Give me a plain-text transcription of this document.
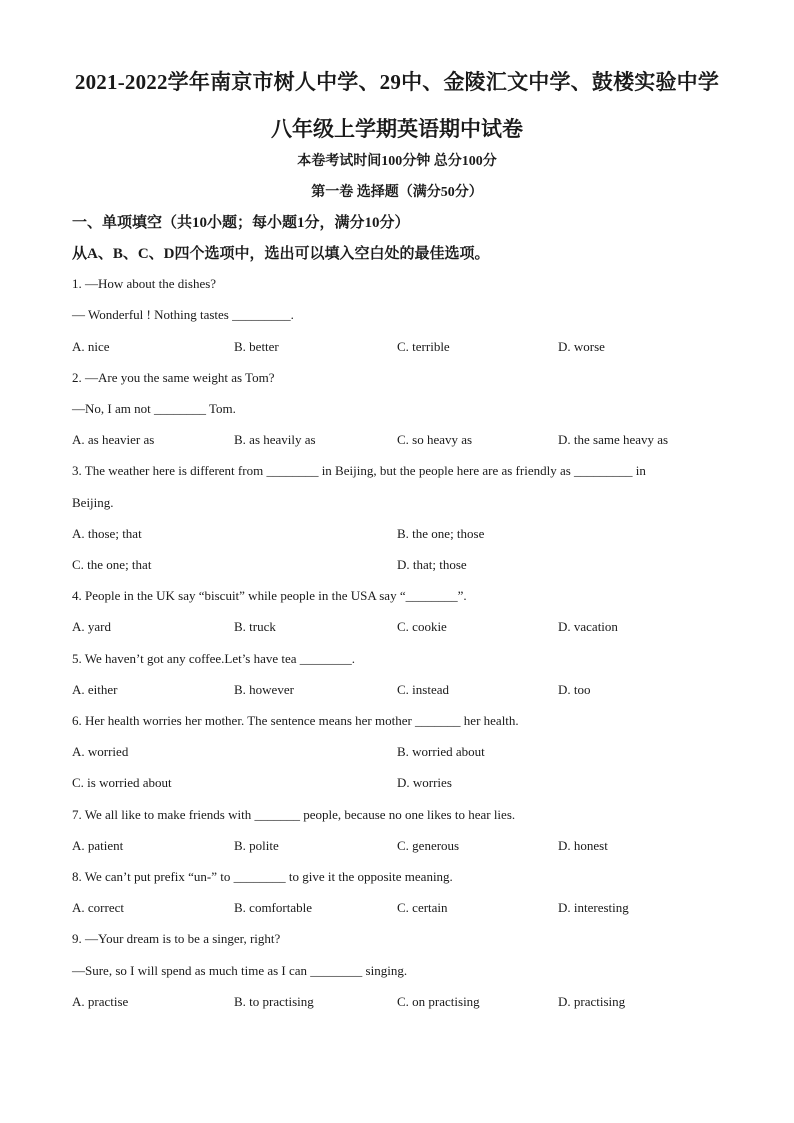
2021-2022学年南京市树人中学、29中、金陵汇文中学、鼓楼实验中学
八年级上学期英语期中试卷
本卷考试时间100分钟 总分100分
第一卷 选择题（满分50分）
一、单项填空（共10小题；每小题1分，满分10分）
从A、B、C、D四个选项中，选出可以填入空白处的最佳选项。
1. —How about the dishes?
— Wonderful ! Nothing tastes _________.
A. nice	B. better	C. terrible	D. worse
2. —Are you the same weight as Tom?
—No, I am not ________ Tom.
A. as heavier as	B. as heavily as	C. so heavy as	D. the same heavy as
3. The weather here is different from ________ in Beijing, but the people here are as friendly as _________ in
Beijing.
A. those; that	B. the one; those
C. the one; that	D. that; those
4. People in the UK say “biscuit” while people in the USA say “________”.
A. yard	B. truck	C. cookie	D. vacation
5. We haven’t got any coffee.Let’s have tea ________.
A. either	B. however	C. instead	D. too
6. Her health worries her mother. The sentence means her mother _______ her health.
A. worried	B. worried about
C. is worried about	D. worries
7. We all like to make friends with _______ people, because no one likes to hear lies.
A. patient	B. polite	C. generous	D. honest
8. We can’t put prefix “un-” to ________ to give it the opposite meaning.
A. correct	B. comfortable	C. certain	D. interesting
9. —Your dream is to be a singer, right?
—Sure, so I will spend as much time as I can ________ singing.
A. practise	B. to practising	C. on practising	D. practising
